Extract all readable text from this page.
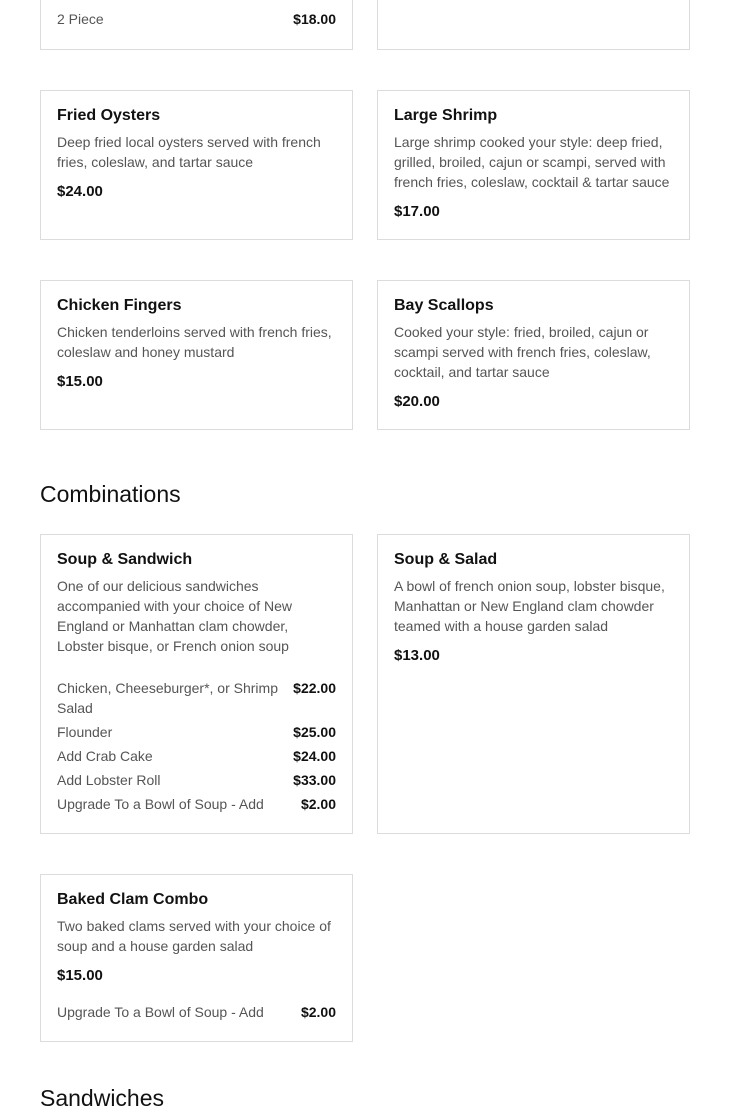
2 Piece	$18.00
Fried Oysters

Deep fried local oysters served with french fries, coleslaw, and tartar sauce

$24.00
Large Shrimp

Large shrimp cooked your style: deep fried, grilled, broiled, cajun or scampi, served with french fries, coleslaw, cocktail & tartar sauce

$17.00
Chicken Fingers

Chicken tenderloins served with french fries, coleslaw and honey mustard

$15.00
Bay Scallops

Cooked your style: fried, broiled, cajun or scampi served with french fries, coleslaw, cocktail, and tartar sauce

$20.00
Combinations
Soup & Sandwich

One of our delicious sandwiches accompanied with your choice of New England or Manhattan clam chowder, Lobster bisque, or French onion soup

Chicken, Cheeseburger*, or Shrimp Salad
$22.00
Flounder	$25.00
Add Crab Cake	$24.00
Add Lobster Roll	$33.00
Upgrade To a Bowl of Soup - Add	$2.00
Soup & Salad

A bowl of french onion soup, lobster bisque, Manhattan or New England clam chowder teamed with a house garden salad

$13.00
Baked Clam Combo

Two baked clams served with your choice of soup and a house garden salad

$15.00
Upgrade To a Bowl of Soup - Add	$2.00
Sandwiches
